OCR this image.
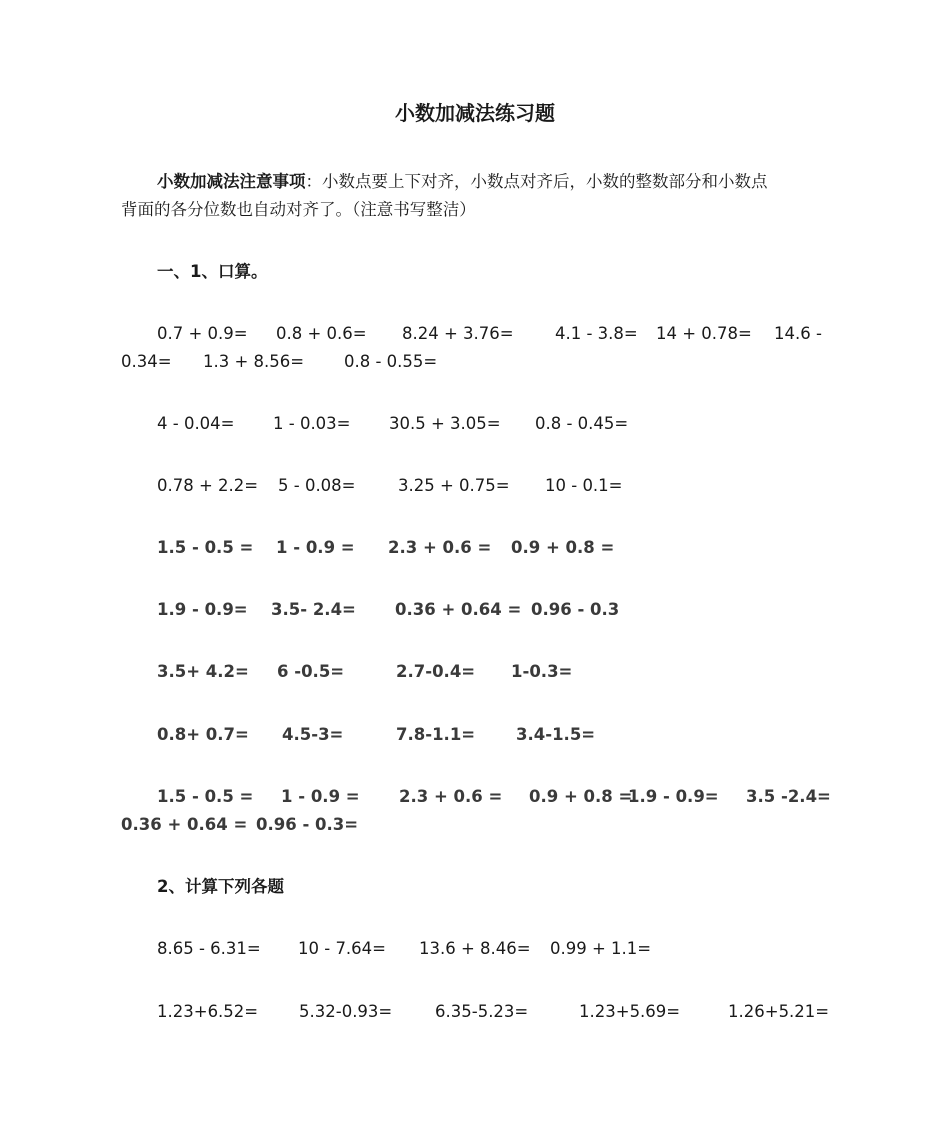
小数加减法练习题
小数加减法注意事项：小数点要上下对齐，小数点对齐后，小数的整数部分和小数点
背面的各分位数也自动对齐了。（注意书写整洁）
一、1、口算。
0.7 + 0.9= 0.8 + 0.6= 8.24 + 3.76=	4.1 - 3.8= 14 + 0.78= 14.6 -
0.34= 1.3 + 8.56= 0.8 - 0.55=
4 - 0.04= 1 - 0.03= 30.5 + 3.05= 0.8 - 0.45=
0.78 + 2.2= 5 - 0.08=	3.25 + 0.75= 10 - 0.1=
1.5 - 0.5 = 1 - 0.9 = 2.3 + 0.6 = 0.9 + 0.8 =
1.9 - 0.9= 3.5- 2.4= 0.36 + 0.64 = 0.96 - 0.3
3.5+ 4.2= 6 -0.5=	2.7-0.4= 1-0.3=
0.8+ 0.7= 4.5-3=	7.8-1.1= 3.4-1.5=
1.5 - 0.5 = 1 - 0.9 = 2.3 + 0.6 = 0.9 + 0.8 =
1.9 - 0.9= 3.5 -2.4=
0.36 + 0.64 = 0.96 - 0.3=
2、计算下列各题
8.65 - 6.31= 10 - 7.64= 13.6 + 8.46= 0.99 + 1.1=
1.23+6.52= 5.32-0.93=	6.35-5.23=	1.23+5.69=	1.26+5.21=
